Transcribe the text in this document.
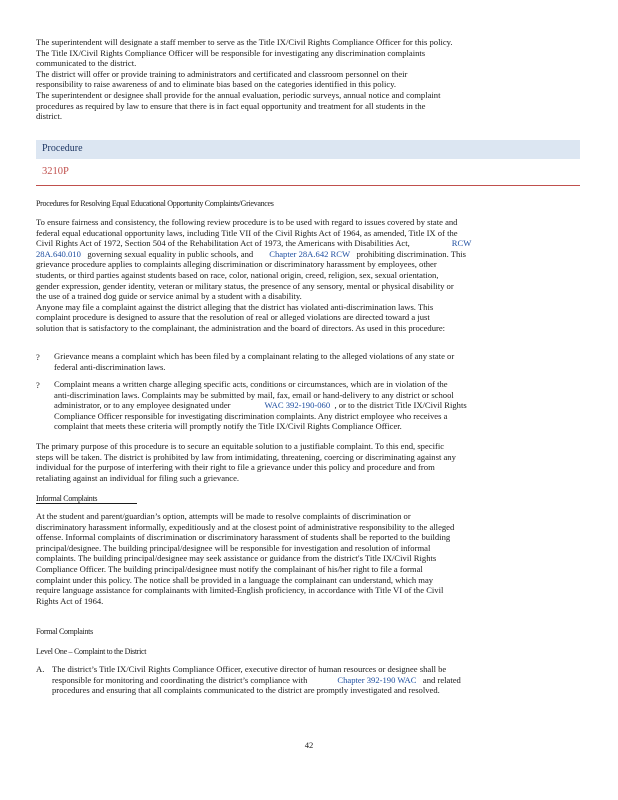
The superintendent will designate a staff member to serve as the Title IX/Civil Rights Compliance Officer for this policy.
The Title IX/Civil Rights Compliance Officer will be responsible for investigating any discrimination complaints
communicated to the district.
The district will offer or provide training to administrators and certificated and classroom personnel on their
responsibility to raise awareness of and to eliminate bias based on the categories identified in this policy.
The superintendent or designee shall provide for the annual evaluation, periodic surveys, annual notice and complaint
procedures as required by law to ensure that there is in fact equal opportunity and treatment for all students in the
district.

Procedure
3210P
Procedures for Resolving Equal Educational Opportunity Complaints/Grievances

To ensure fairness and consistency, the following review procedure is to be used with regard to issues covered by state and
federal equal educational opportunity laws, including Title VII of the Civil Rights Act of 1964, as amended, Title IX of the
Civil Rights Act of 1972, Section 504 of the Rehabilitation Act of 1973, the Americans with Disabilities Act,	RCW
28A.640.010 governing sexual equality in public schools, and Chapter 28A.642 RCW prohibiting discrimination. This
grievance procedure applies to complaints alleging discrimination or discriminatory harassment by employees, other
students, or third parties against students based on race, color, national origin, creed, religion, sex, sexual orientation,
gender expression, gender identity, veteran or military status, the presence of any sensory, mental or physical disability or
the use of a trained dog guide or service animal by a student with a disability.
Anyone may file a complaint against the district alleging that the district has violated anti-discrimination laws. This
complaint procedure is designed to assure that the resolution of real or alleged violations are directed toward a just
solution that is satisfactory to the complainant, the administration and the board of directors. As used in this procedure:

?	Grievance means a complaint which has been filed by a complainant relating to the alleged violations of any state or
federal anti-discrimination laws.
?	Complaint means a written charge alleging specific acts, conditions or circumstances, which are in violation of the
anti-discrimination laws. Complaints may be submitted by mail, fax, email or hand-delivery to any district or school
administrator, or to any employee designated under	WAC 392-190-060 , or to the district Title IX/Civil Rights
Compliance Officer responsible for investigating discrimination complaints. Any district employee who receives a
complaint that meets these criteria will promptly notify the Title IX/Civil Rights Compliance Officer.

The primary purpose of this procedure is to secure an equitable solution to a justifiable complaint. To this end, specific
steps will be taken. The district is prohibited by law from intimidating, threatening, coercing or discriminating against any
individual for the purpose of interfering with their right to file a grievance under this policy and procedure and from
retaliating against an individual for filing such a grievance.

Informal Complaints

At the student and parent/guardian’s option, attempts will be made to resolve complaints of discrimination or
discriminatory harassment informally, expeditiously and at the closest point of administrative responsibility to the alleged
offense. Informal complaints of discrimination or discriminatory harassment of students shall be reported to the building
principal/designee. The building principal/designee will be responsible for investigation and resolution of informal
complaints. The building principal/designee may seek assistance or guidance from the district's Title IX/Civil Rights
Compliance Officer. The building principal/designee must notify the complainant of his/her right to file a formal
complaint under this policy. The notice shall be provided in a language the complainant can understand, which may
require language assistance for complainants with limited-English proficiency, in accordance with Title VI of the Civil
Rights Act of 1964.

Formal Complaints
Level One – Complaint to the District
A. The district’s Title IX/Civil Rights Compliance Officer, executive director of human resources or designee shall be
responsible for monitoring and coordinating the district’s compliance with	Chapter 392-190 WAC and related
procedures and ensuring that all complaints communicated to the district are promptly investigated and resolved.
42
